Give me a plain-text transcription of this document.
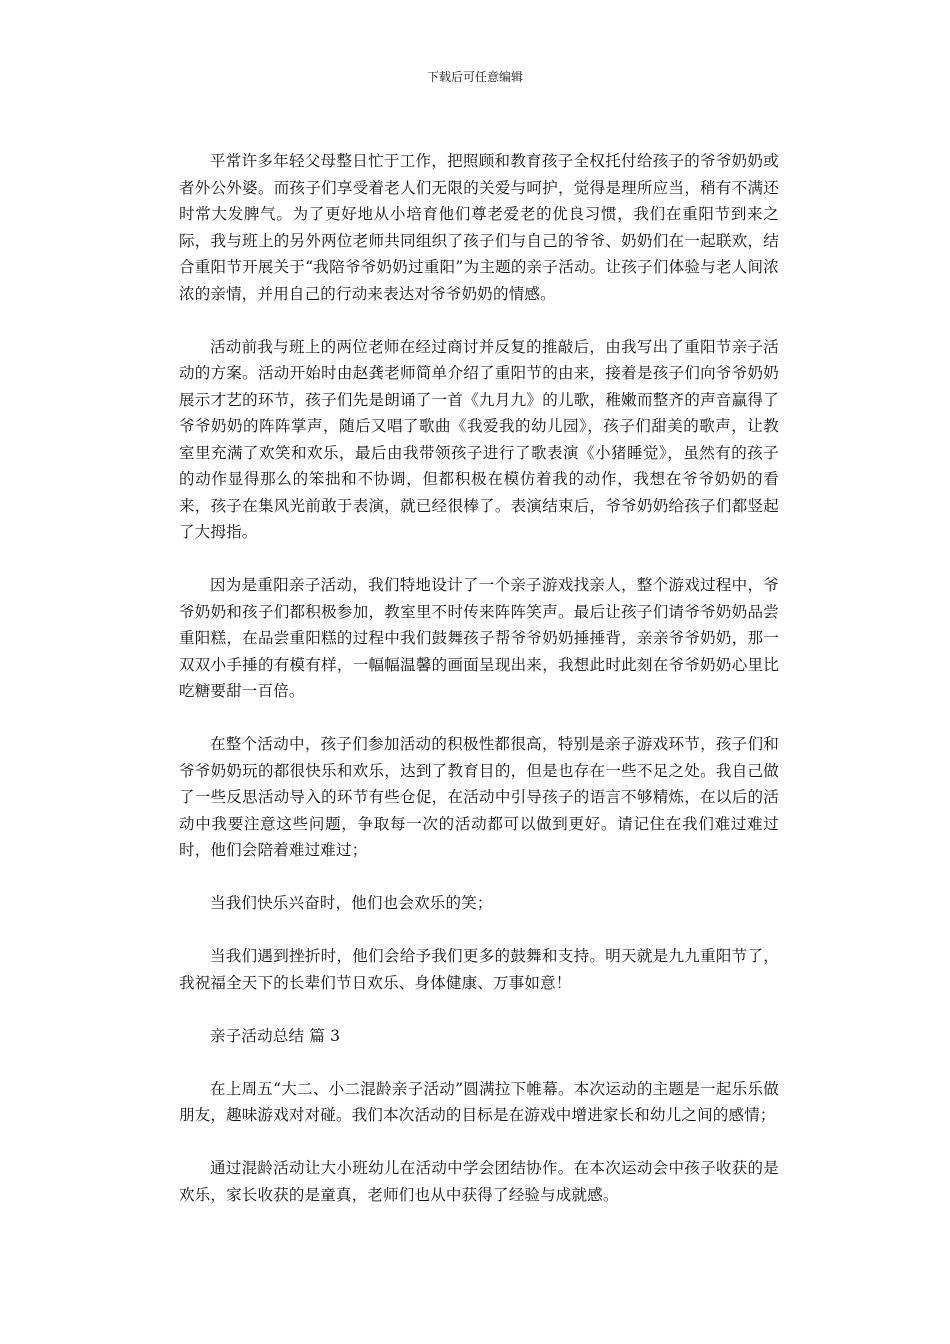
下载后可任意编辑

平常许多年轻父母整日忙于工作，把照顾和教育孩子全权托付给孩子的爷爷奶奶或者外公外婆。而孩子们享受着老人们无限的关爱与呵护，觉得是理所应当，稍有不满还时常大发脾气。为了更好地从小培育他们尊老爱老的优良习惯，我们在重阳节到来之际，我与班上的另外两位老师共同组织了孩子们与自己的爷爷、奶奶们在一起联欢，结合重阳节开展关于“我陪爷爷奶奶过重阳”为主题的亲子活动。让孩子们体验与老人间浓浓的亲情，并用自己的行动来表达对爷爷奶奶的情感。

活动前我与班上的两位老师在经过商讨并反复的推敲后，由我写出了重阳节亲子活动的方案。活动开始时由赵龚老师简单介绍了重阳节的由来，接着是孩子们向爷爷奶奶展示才艺的环节，孩子们先是朗诵了一首《九月九》的儿歌，稚嫩而整齐的声音赢得了爷爷奶奶的阵阵掌声，随后又唱了歌曲《我爱我的幼儿园》，孩子们甜美的歌声，让教室里充满了欢笑和欢乐，最后由我带领孩子进行了歌表演《小猪睡觉》，虽然有的孩子的动作显得那么的笨拙和不协调，但都积极在模仿着我的动作，我想在爷爷奶奶的看来，孩子在集风光前敢于表演，就已经很棒了。表演结束后，爷爷奶奶给孩子们都竖起了大拇指。

因为是重阳亲子活动，我们特地设计了一个亲子游戏找亲人，整个游戏过程中，爷爷奶奶和孩子们都积极参加，教室里不时传来阵阵笑声。最后让孩子们请爷爷奶奶品尝重阳糕，在品尝重阳糕的过程中我们鼓舞孩子帮爷爷奶奶捶捶背，亲亲爷爷奶奶，那一双双小手捶的有模有样，一幅幅温馨的画面呈现出来，我想此时此刻在爷爷奶奶心里比吃糖要甜一百倍。

在整个活动中，孩子们参加活动的积极性都很高，特别是亲子游戏环节，孩子们和爷爷奶奶玩的都很快乐和欢乐，达到了教育目的，但是也存在一些不足之处。我自己做了一些反思活动导入的环节有些仓促，在活动中引导孩子的语言不够精炼，在以后的活动中我要注意这些问题，争取每一次的活动都可以做到更好。请记住在我们难过难过时，他们会陪着难过难过；

当我们快乐兴奋时，他们也会欢乐的笑；

当我们遇到挫折时，他们会给予我们更多的鼓舞和支持。明天就是九九重阳节了，我祝福全天下的长辈们节日欢乐、身体健康、万事如意！

亲子活动总结 篇 3

在上周五“大二、小二混龄亲子活动”圆满拉下帷幕。本次运动的主题是一起乐乐做朋友，趣味游戏对对碰。我们本次活动的目标是在游戏中增进家长和幼儿之间的感情；

通过混龄活动让大小班幼儿在活动中学会团结协作。在本次运动会中孩子收获的是欢乐，家长收获的是童真，老师们也从中获得了经验与成就感。
